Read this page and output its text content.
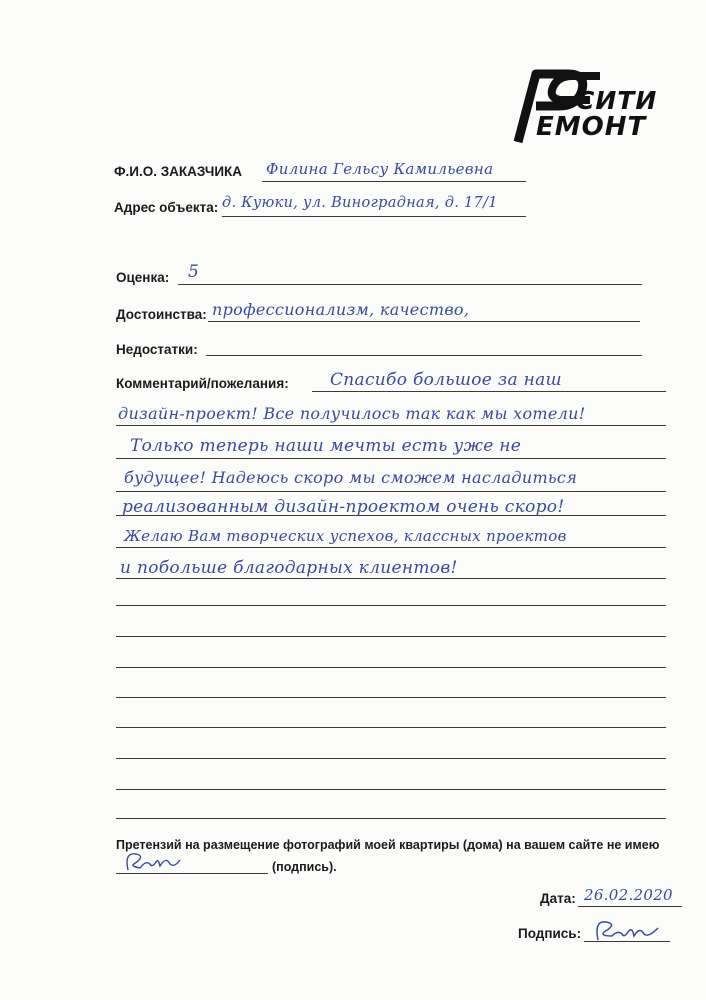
СИТИ
ЕМОНТ
Ф.И.О. ЗАКАЗЧИКА Филина Гельсу Камильевна
Адрес объекта: д. Куюки, ул. Виноградная, д. 17/1
Оценка: 5
Достоинства: профессионализм, качество,
Недостатки:
Комментарий/пожелания: Спасибо большое за наш
дизайн-проект! Все получилось так как мы хотели!
Только теперь наши мечты есть уже не
будущее! Надеюсь скоро мы сможем насладиться
реализованным дизайн-проектом очень скоро!
Желаю Вам творческих успехов, классных проектов
и побольше благодарных клиентов!
Претензий на размещение фотографий моей квартиры (дома) на вашем сайте не имею
(подпись).
Дата: 26.02.2020
Подпись:
